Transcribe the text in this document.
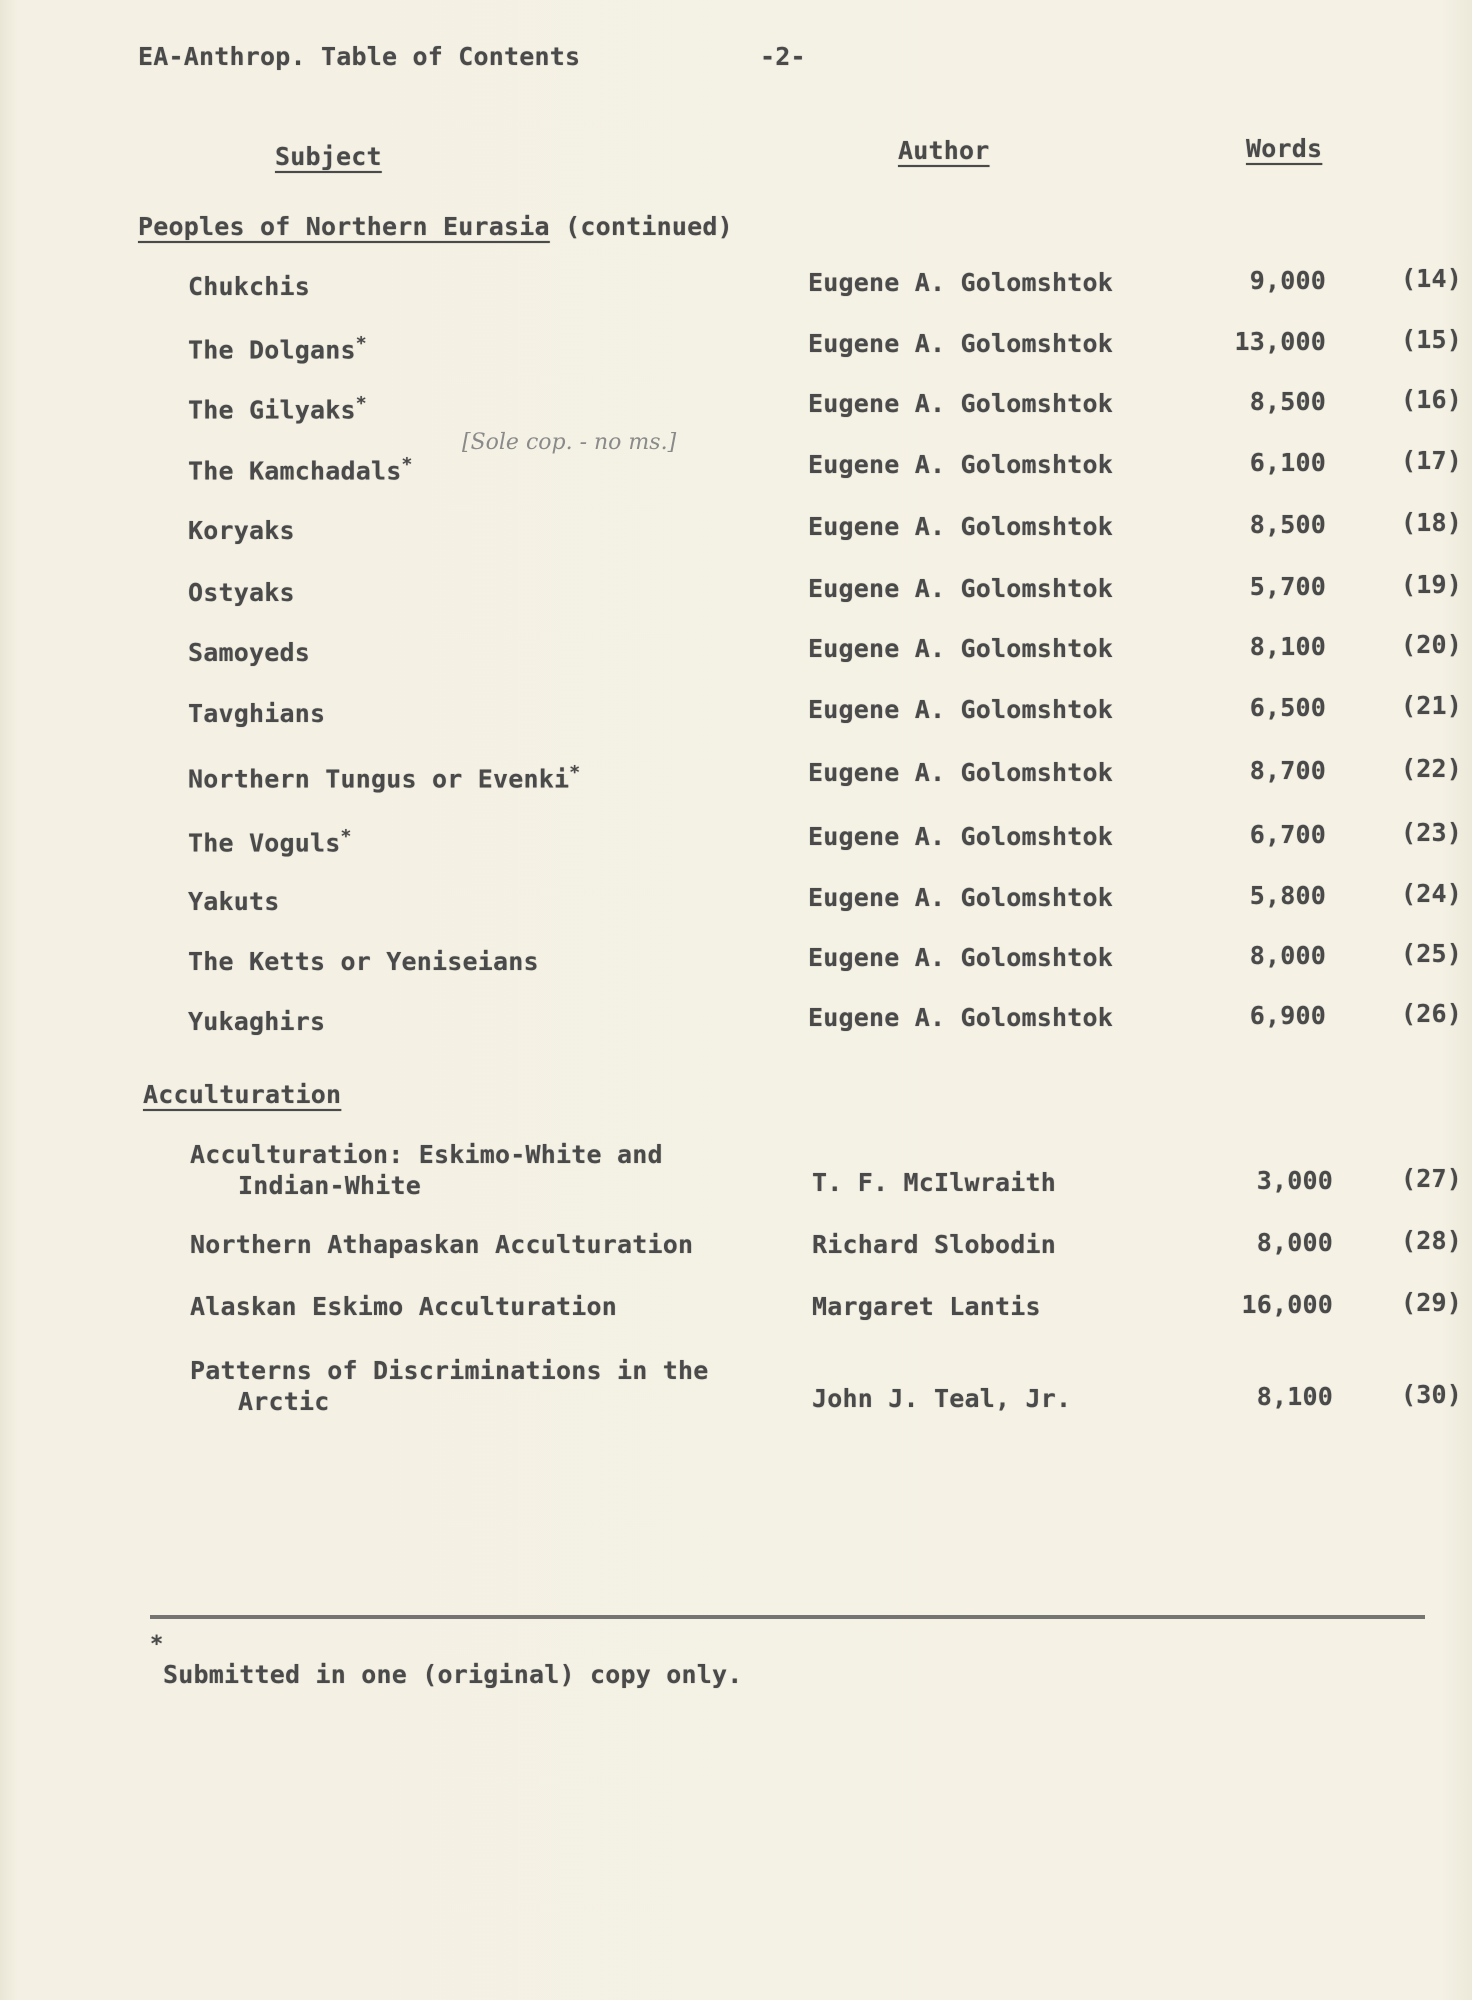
EA-Anthrop. Table of Contents	-2-
Subject	Author	Words
Peoples of Northern Eurasia (continued)
Chukchis	Eugene A. Golomshtok	9,000	(14)
The Dolgans*	Eugene A. Golomshtok	13,000	(15)
The Gilyaks*	Eugene A. Golomshtok	8,500	(16)
The Kamchadals*	Eugene A. Golomshtok	6,100	(17)
Koryaks	Eugene A. Golomshtok	8,500	(18)
Ostyaks	Eugene A. Golomshtok	5,700	(19)
Samoyeds	Eugene A. Golomshtok	8,100	(20)
Tavghians	Eugene A. Golomshtok	6,500	(21)
Northern Tungus or Evenki*	Eugene A. Golomshtok	8,700	(22)
The Voguls*	Eugene A. Golomshtok	6,700	(23)
Yakuts	Eugene A. Golomshtok	5,800	(24)
The Ketts or Yeniseians	Eugene A. Golomshtok	8,000	(25)
Yukaghirs	Eugene A. Golomshtok	6,900	(26)
[Sole cop. - no ms.]
Acculturation
Acculturation: Eskimo-White and
Indian-White	T. F. McIlwraith	3,000	(27)
Northern Athapaskan Acculturation	Richard Slobodin	8,000	(28)
Alaskan Eskimo Acculturation	Margaret Lantis	16,000	(29)
Patterns of Discriminations in the
Arctic	John J. Teal, Jr.	8,100	(30)
*
Submitted in one (original) copy only.
